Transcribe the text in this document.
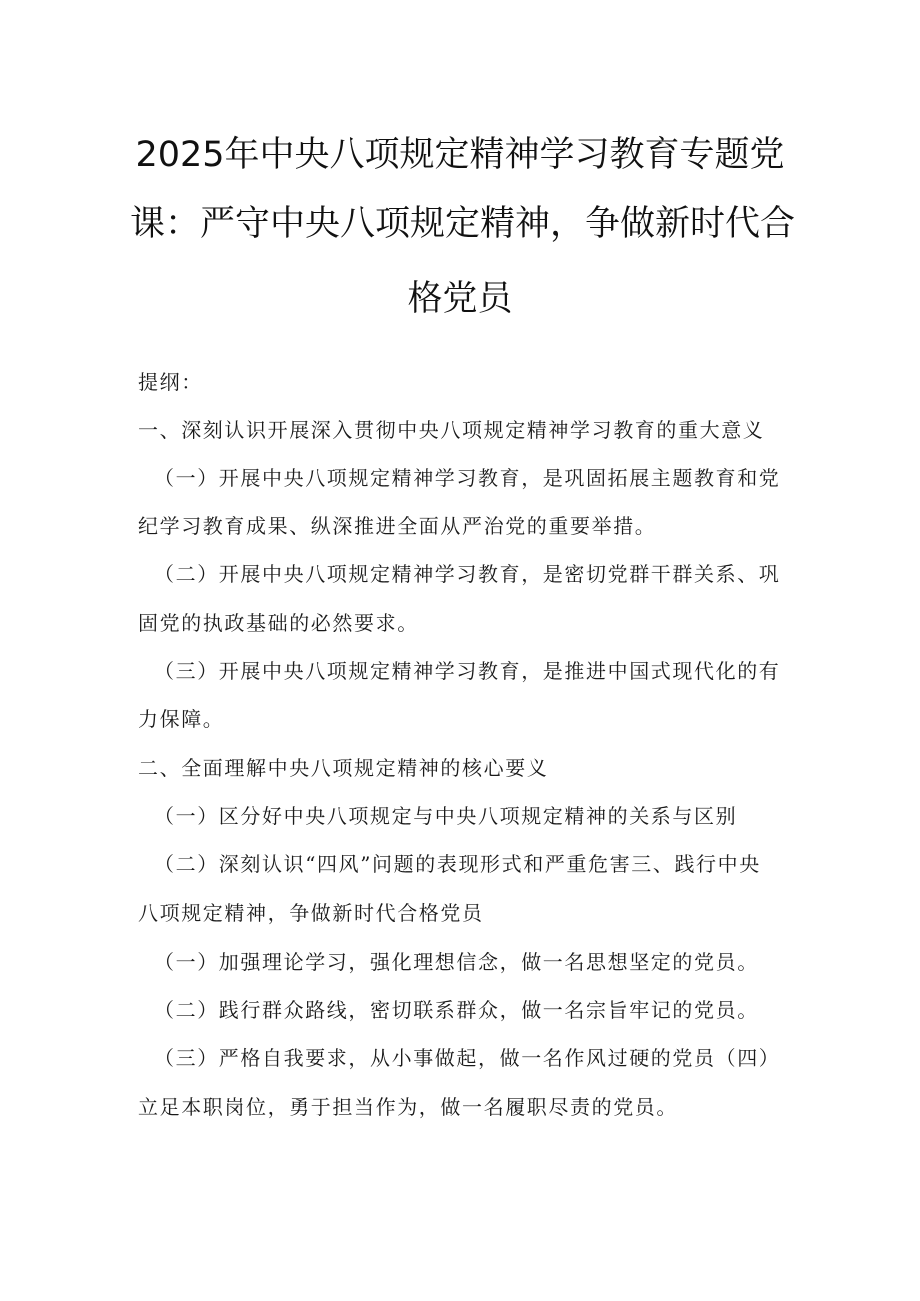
2025年中央八项规定精神学习教育专题党
课：严守中央八项规定精神，争做新时代合
格党员
提纲：
一、深刻认识开展深入贯彻中央八项规定精神学习教育的重大意义
（一）开展中央八项规定精神学习教育，是巩固拓展主题教育和党
纪学习教育成果、纵深推进全面从严治党的重要举措。
（二）开展中央八项规定精神学习教育，是密切党群干群关系、巩
固党的执政基础的必然要求。
（三）开展中央八项规定精神学习教育，是推进中国式现代化的有
力保障。
二、全面理解中央八项规定精神的核心要义
（一）区分好中央八项规定与中央八项规定精神的关系与区别
（二）深刻认识“四风”问题的表现形式和严重危害三、践行中央
八项规定精神，争做新时代合格党员
（一）加强理论学习，强化理想信念，做一名思想坚定的党员。
（二）践行群众路线，密切联系群众，做一名宗旨牢记的党员。
（三）严格自我要求，从小事做起，做一名作风过硬的党员（四）
立足本职岗位，勇于担当作为，做一名履职尽责的党员。
